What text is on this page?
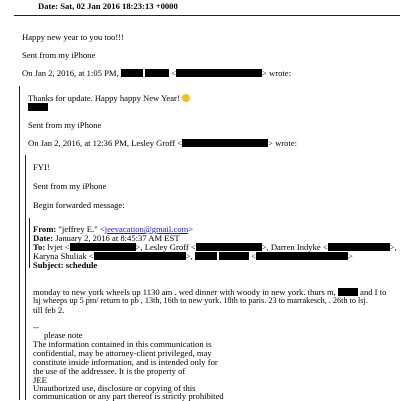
Date: Sat, 02 Jan 2016 18:23:13 +0000
Happy new year to you too!!!
Sent from my iPhone
On Jan 2, 2016, at 1:05 PM,	<	> wrote:
Thanks for update. Happy happy New Year!
Sent from my iPhone
On Jan 2, 2016, at 12:36 PM, Lesley Groff <	> wrote:
FYI!
Sent from my iPhone
Begin forwarded message:
From: "jeffrey E." <jeevacation@gmail.com>
Date: January 2, 2016 at 8:45:37 AM EST
To: lvjet <	>, Lesley Groff <	>, Darren Indyke <	>,
Karyna Shuliak <	>,	<	>
Subject: schedule
monday to new york wheels up 1130 am . wed dinner with woody in new york. thurs m,	and I to
lsj wheeps up 5 pm/ return to pb , 13th, 16th to new york. 18th to paris. 23 to marrakesch, . 26th to lsj.
till feb 2.
--
please note
The information contained in this communication is
confidential, may be attorney-client privileged, may
constitute inside information, and is intended only for
the use of the addressee. It is the property of
JEE
Unauthorized use, disclosure or copying of this
communication or any part thereof is strictly prohibited
